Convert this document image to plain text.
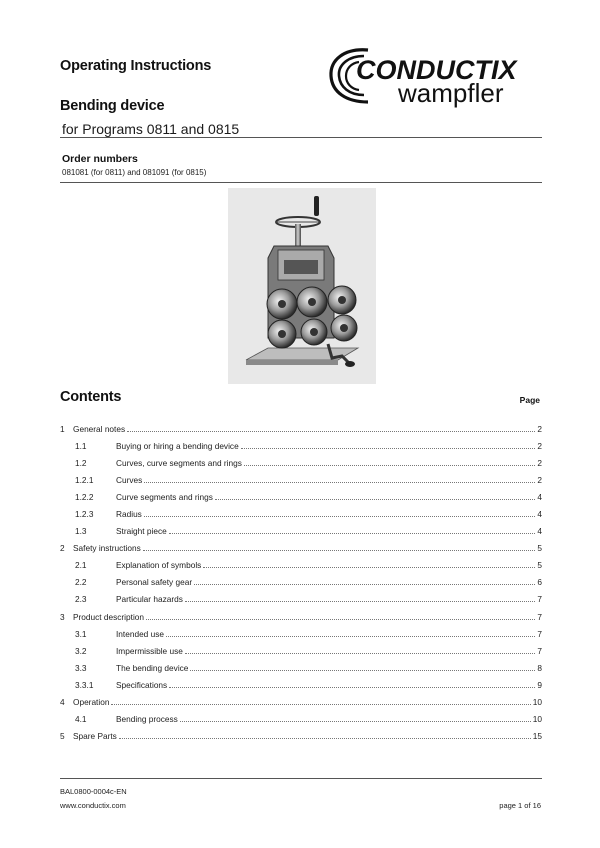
Operating Instructions	CONDUCTIX
wampfler
Bending device
for Programs 0811 and 0815
Order numbers
081081 (for 0811) and 081091 (for 0815)
Contents	Page
1 General notes	2
1.1	Buying or hiring a bending device	2
1.2	Curves, curve segments and rings	2
1.2.1	Curves	2
1.2.2	Curve segments and rings	4
1.2.3	Radius	4
1.3	Straight piece	4
2 Safety instructions	5
2.1	Explanation of symbols	5
2.2	Personal safety gear	6
2.3	Particular hazards	7
3 Product description	7
3.1	Intended use	7
3.2	Impermissible use	7
3.3	The bending device	8
3.3.1	Specifications	9
4 Operation	10
4.1	Bending process	10
5 Spare Parts	15
BAL0800-0004c-EN
www.conductix.com	page 1 of 16
